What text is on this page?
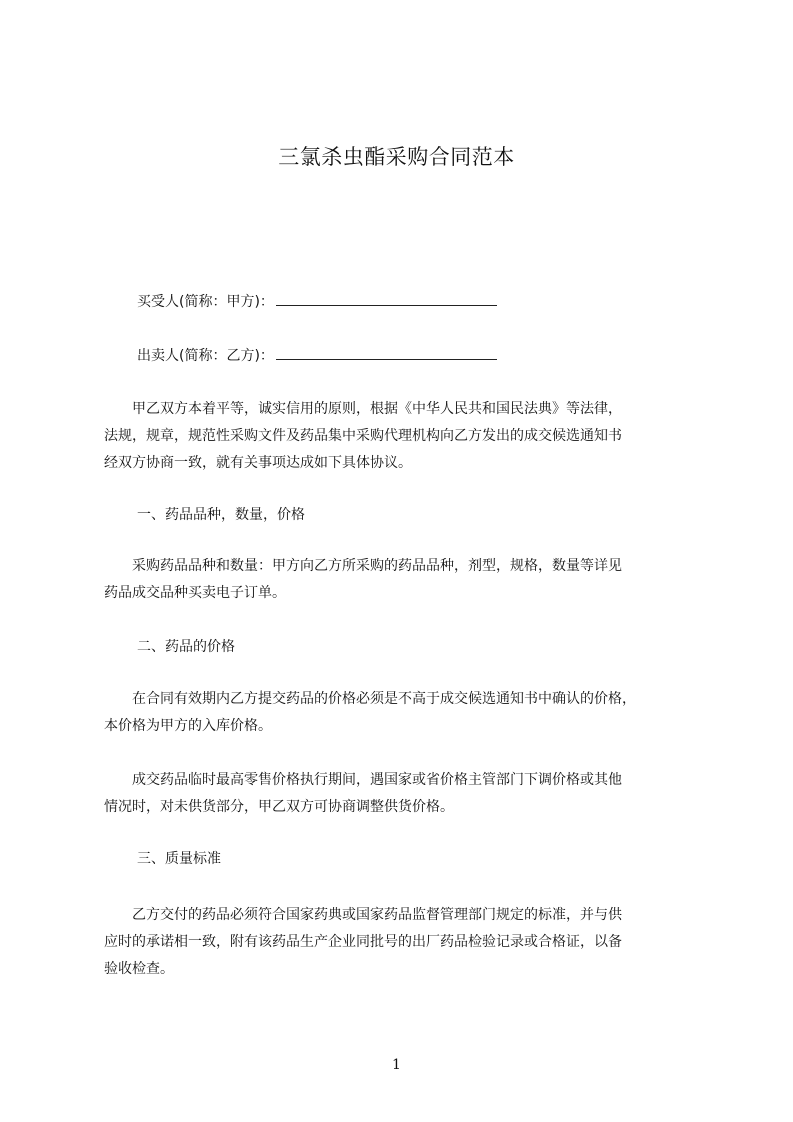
三氯杀虫酯采购合同范本
买受人(简称：甲方)：
出卖人(简称：乙方)：
　　甲乙双方本着平等，诚实信用的原则，根据《中华人民共和国民法典》等法律，
法规，规章，规范性采购文件及药品集中采购代理机构向乙方发出的成交候选通知书
经双方协商一致，就有关事项达成如下具体协议。
一、药品品种，数量，价格
　　采购药品品种和数量：甲方向乙方所采购的药品品种，剂型，规格，数量等详见
药品成交品种买卖电子订单。
二、药品的价格
　　在合同有效期内乙方提交药品的价格必须是不高于成交候选通知书中确认的价格，
本价格为甲方的入库价格。
　　成交药品临时最高零售价格执行期间，遇国家或省价格主管部门下调价格或其他
情况时，对未供货部分，甲乙双方可协商调整供货价格。
三、质量标准
　　乙方交付的药品必须符合国家药典或国家药品监督管理部门规定的标准，并与供
应时的承诺相一致，附有该药品生产企业同批号的出厂药品检验记录或合格证，以备
验收检查。
1
